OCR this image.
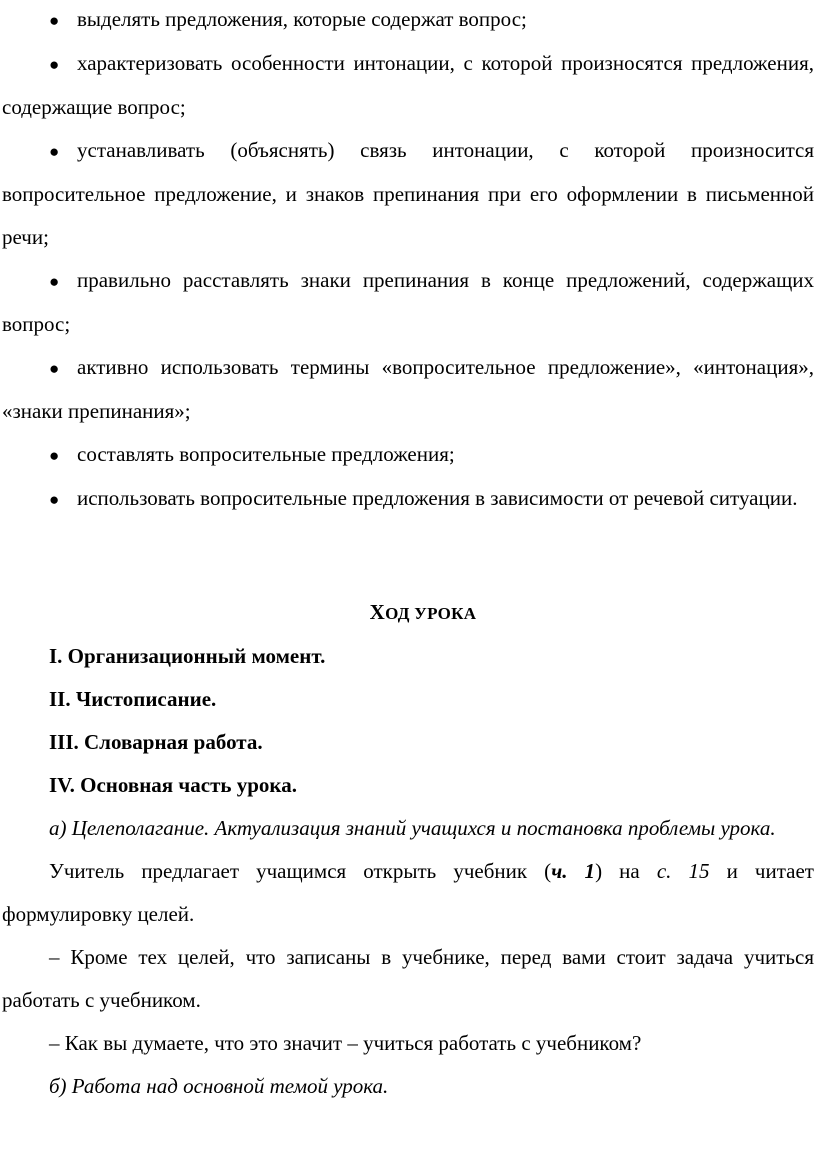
● выделять предложения, которые содержат вопрос;

● характеризовать особенности интонации, с которой произносятся предложения, содержащие вопрос;

● устанавливать (объяснять) связь интонации, с которой произносится вопросительное предложение, и знаков препинания при его оформлении в письменной речи;

● правильно расставлять знаки препинания в конце предложений, содержащих вопрос;

● активно использовать термины «вопросительное предложение», «интонация», «знаки препинания»;

● составлять вопросительные предложения;

● использовать вопросительные предложения в зависимости от речевой ситуации.

ХОД УРОКА

I. Организационный момент.

II. Чистописание.

III. Словарная работа.

IV. Основная часть урока.

а) Целеполагание. Актуализация знаний учащихся и постановка проблемы урока.

Учитель предлагает учащимся открыть учебник (ч. 1) на с. 15 и читает формулировку целей.

– Кроме тех целей, что записаны в учебнике, перед вами стоит задача учиться работать с учебником.

– Как вы думаете, что это значит – учиться работать с учебником?

б) Работа над основной темой урока.
